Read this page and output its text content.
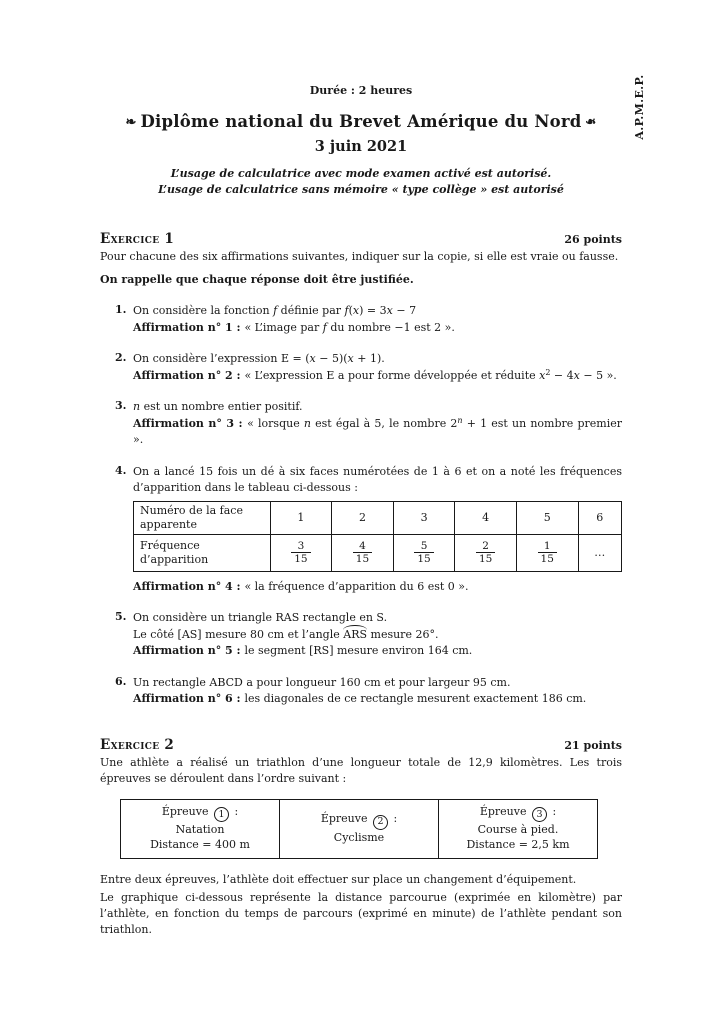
A.P.M.E.P.

Durée : 2 heures

❧ Diplôme national du Brevet Amérique du Nord ❧
3 juin 2021

L’usage de calculatrice avec mode examen activé est autorisé.

L’usage de calculatrice sans mémoire « type collège » est autorisé

Exercice 1	26 points

Pour chacune des six affirmations suivantes, indiquer sur la copie, si elle est vraie ou fausse.

On rappelle que chaque réponse doit être justifiée.

1. On considère la fonction f définie par f(x) = 3x − 7

Affirmation n° 1 : « L’image par f du nombre −1 est 2 ».

2. On considère l’expression E = (x − 5)(x + 1).

Affirmation n° 2 : « L’expression E a pour forme développée et réduite $x^2 - 4x - 5$ ».

3. n est un nombre entier positif.

Affirmation n° 3 : « lorsque n est égal à 5, le nombre $2^n + 1$ est un nombre premier ».

4. On a lancé 15 fois un dé à six faces numérotées de 1 à 6 et on a noté les fréquences d’apparition dans le tableau ci-dessous :

Numéro de la face apparente	1	2	3	4	5	6
Fréquence d’apparition	$\frac{3}{15}$	$\frac{4}{15}$	$\frac{5}{15}$	$\frac{2}{15}$	$\frac{1}{15}$	…

Affirmation n° 4 : « la fréquence d’apparition du 6 est 0 ».

5. On considère un triangle RAS rectangle en S.

Le côté [AS] mesure 80 cm et l’angle ARS mesure 26°.

Affirmation n° 5 : le segment [RS] mesure environ 164 cm.

6. Un rectangle ABCD a pour longueur 160 cm et pour largeur 95 cm.

Affirmation n° 6 : les diagonales de ce rectangle mesurent exactement 186 cm.

Exercice 2	21 points

Une athlète a réalisé un triathlon d’une longueur totale de 12,9 kilomètres. Les trois épreuves se déroulent dans l’ordre suivant :

Épreuve 1 :
Natation
Distance = 400 m

Épreuve 2 :
Cyclisme

Épreuve 3 :
Course à pied.
Distance = 2,5 km

Entre deux épreuves, l’athlète doit effectuer sur place un changement d’équipement.

Le graphique ci-dessous représente la distance parcourue (exprimée en kilomètre) par l’athlète, en fonction du temps de parcours (exprimé en minute) de l’athlète pendant son triathlon.
